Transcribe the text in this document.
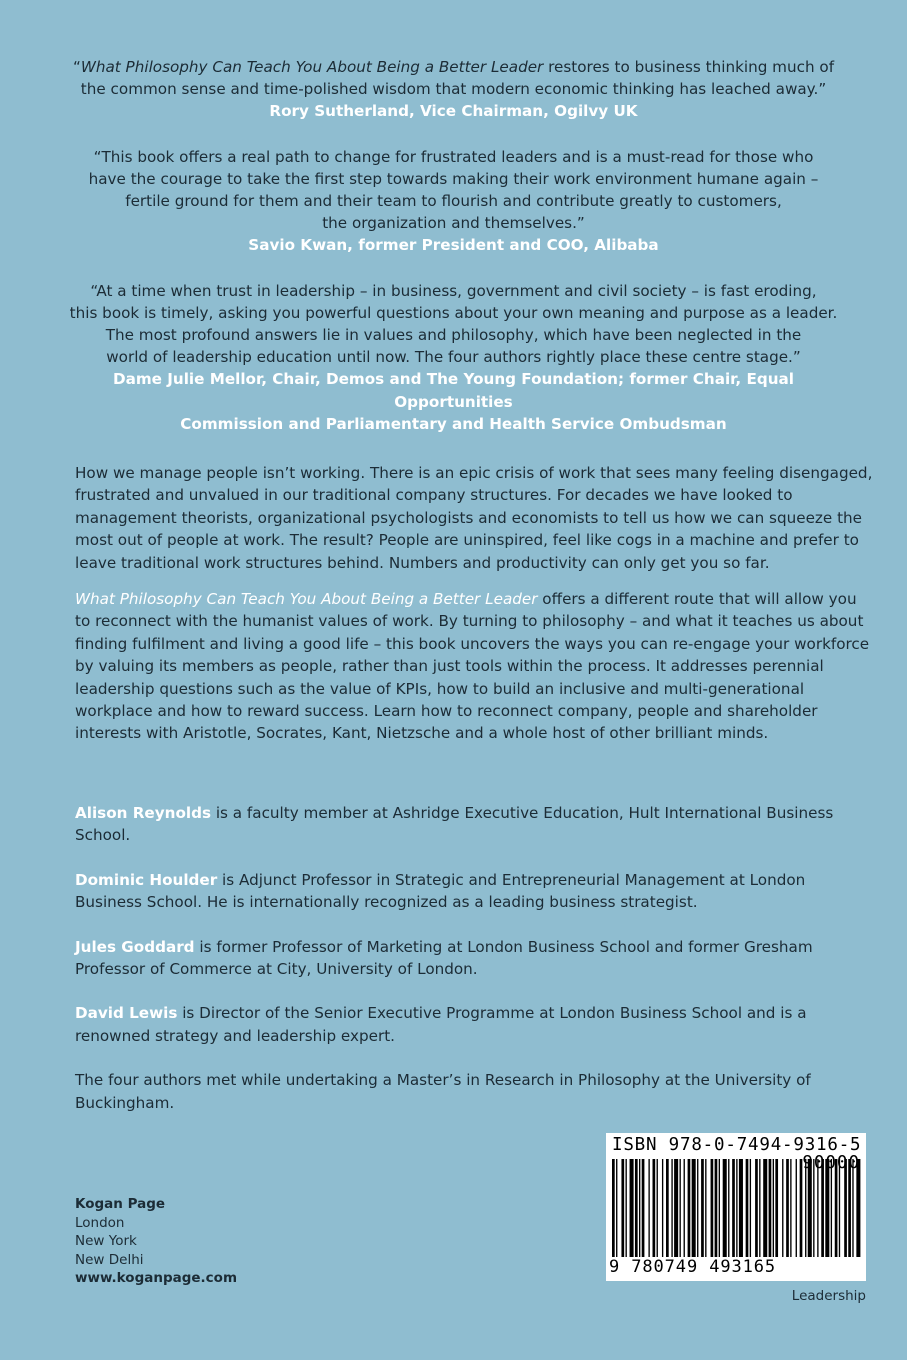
“What Philosophy Can Teach You About Being a Better Leader restores to business thinking much of the common sense and time-polished wisdom that modern economic thinking has leached away.”
Rory Sutherland, Vice Chairman, Ogilvy UK
“This book offers a real path to change for frustrated leaders and is a must-read for those who
have the courage to take the first step towards making their work environment humane again –
fertile ground for them and their team to flourish and contribute greatly to customers,
the organization and themselves.”
Savio Kwan, former President and COO, Alibaba
“At a time when trust in leadership – in business, government and civil society – is fast eroding,
this book is timely, asking you powerful questions about your own meaning and purpose as a leader.
The most profound answers lie in values and philosophy, which have been neglected in the
world of leadership education until now. The four authors rightly place these centre stage.”
Dame Julie Mellor, Chair, Demos and The Young Foundation; former Chair, Equal Opportunities
Commission and Parliamentary and Health Service Ombudsman

How we manage people isn’t working. There is an epic crisis of work that sees many feeling disengaged, frustrated and unvalued in our traditional company structures. For decades we have looked to management theorists, organizational psychologists and economists to tell us how we can squeeze the most out of people at work. The result? People are uninspired, feel like cogs in a machine and prefer to leave traditional work structures behind. Numbers and productivity can only get you so far.

What Philosophy Can Teach You About Being a Better Leader offers a different route that will allow you to reconnect with the humanist values of work. By turning to philosophy – and what it teaches us about finding fulfilment and living a good life – this book uncovers the ways you can re-engage your workforce by valuing its members as people, rather than just tools within the process. It addresses perennial leadership questions such as the value of KPIs, how to build an inclusive and multi-generational workplace and how to reward success. Learn how to reconnect company, people and shareholder interests with Aristotle, Socrates, Kant, Nietzsche and a whole host of other brilliant minds.

Alison Reynolds is a faculty member at Ashridge Executive Education, Hult International Business School.

Dominic Houlder is Adjunct Professor in Strategic and Entrepreneurial Management at London Business School. He is internationally recognized as a leading business strategist.

Jules Goddard is former Professor of Marketing at London Business School and former Gresham Professor of Commerce at City, University of London.

David Lewis is Director of the Senior Executive Programme at London Business School and is a renowned strategy and leadership expert.

The four authors met while undertaking a Master’s in Research in Philosophy at the University of Buckingham.

Kogan Page
London
New York
New Delhi
www.koganpage.com
ISBN 978-0-7494-9316-5
90000
9 780749 493165
Leadership
